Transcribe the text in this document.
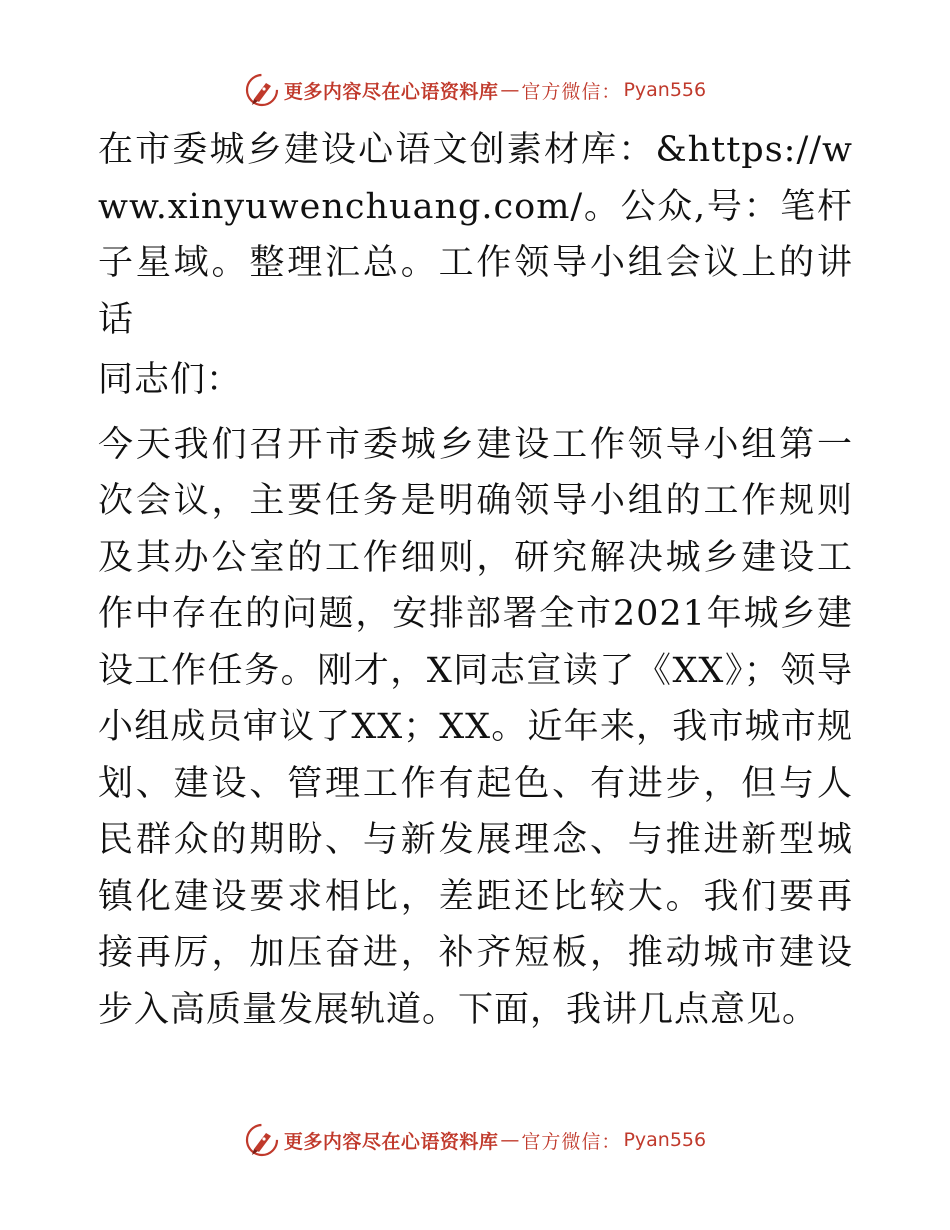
更多内容尽在心语资料库 — 官方微信： Pyan556

在市委城乡建设心语文创素材库：&https://www.xinyuwenchuang.com/。公众,号：笔杆子星域。整理汇总。工作领导小组会议上的讲话

同志们：

今天我们召开市委城乡建设工作领导小组第一次会议，主要任务是明确领导小组的工作规则及其办公室的工作细则，研究解决城乡建设工作中存在的问题，安排部署全市2021年城乡建设工作任务。刚才，X同志宣读了《XX》；领导小组成员审议了XX；XX。近年来，我市城市规划、建设、管理工作有起色、有进步，但与人民群众的期盼、与新发展理念、与推进新型城镇化建设要求相比，差距还比较大。我们要再接再厉，加压奋进，补齐短板，推动城市建设步入高质量发展轨道。下面，我讲几点意见。

更多内容尽在心语资料库 — 官方微信： Pyan556
